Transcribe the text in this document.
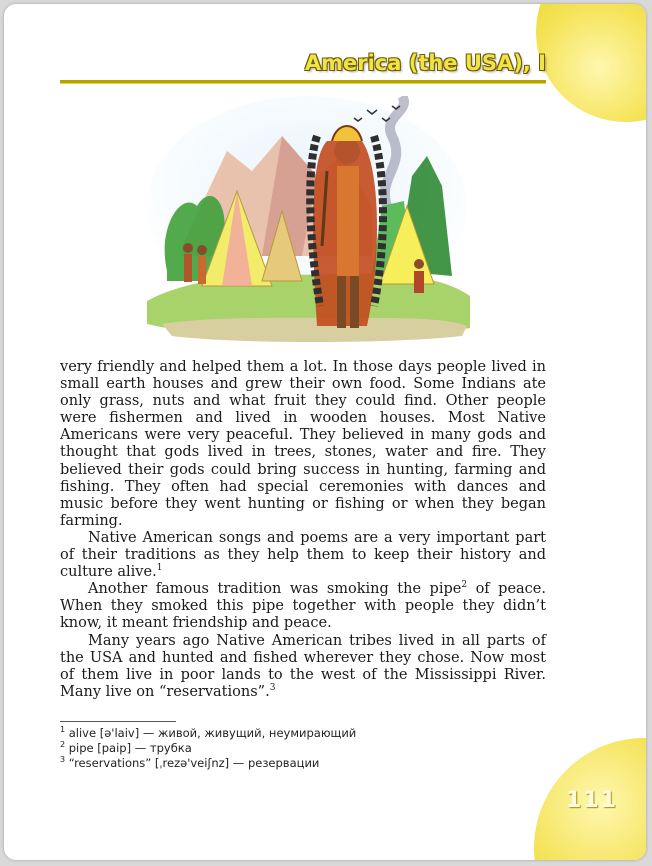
America (the USA), I

very friendly and helped them a lot. In those days people lived in small earth houses and grew their own food. Some Indians ate only grass, nuts and what fruit they could find. Other people were fishermen and lived in wooden houses. Most Native Americans were very peaceful. They believed in many gods and thought that gods lived in trees, stones, water and fire. They believed their gods could bring success in hunting, farming and fishing. They often had special ceremonies with dances and music before they went hunting or fishing or when they began farming.

Native American songs and poems are a very important part of their traditions as they help them to keep their history and culture alive.$^1$

Another famous tradition was smoking the pipe$^2$ of peace. When they smoked this pipe together with people they didn’t know, it meant friendship and peace.

Many years ago Native American tribes lived in all parts of the USA and hunted and fished wherever they chose. Now most of them live in poor lands to the west of the Mississippi River. Many live on “reservations”.$^3$

$^1$ alive [ə'laiv] — живой, живущий, неумирающий
$^2$ pipe [paip] — трубка
$^3$ “reservations” [ˌrezə'veiʃnz] — резервации
111
